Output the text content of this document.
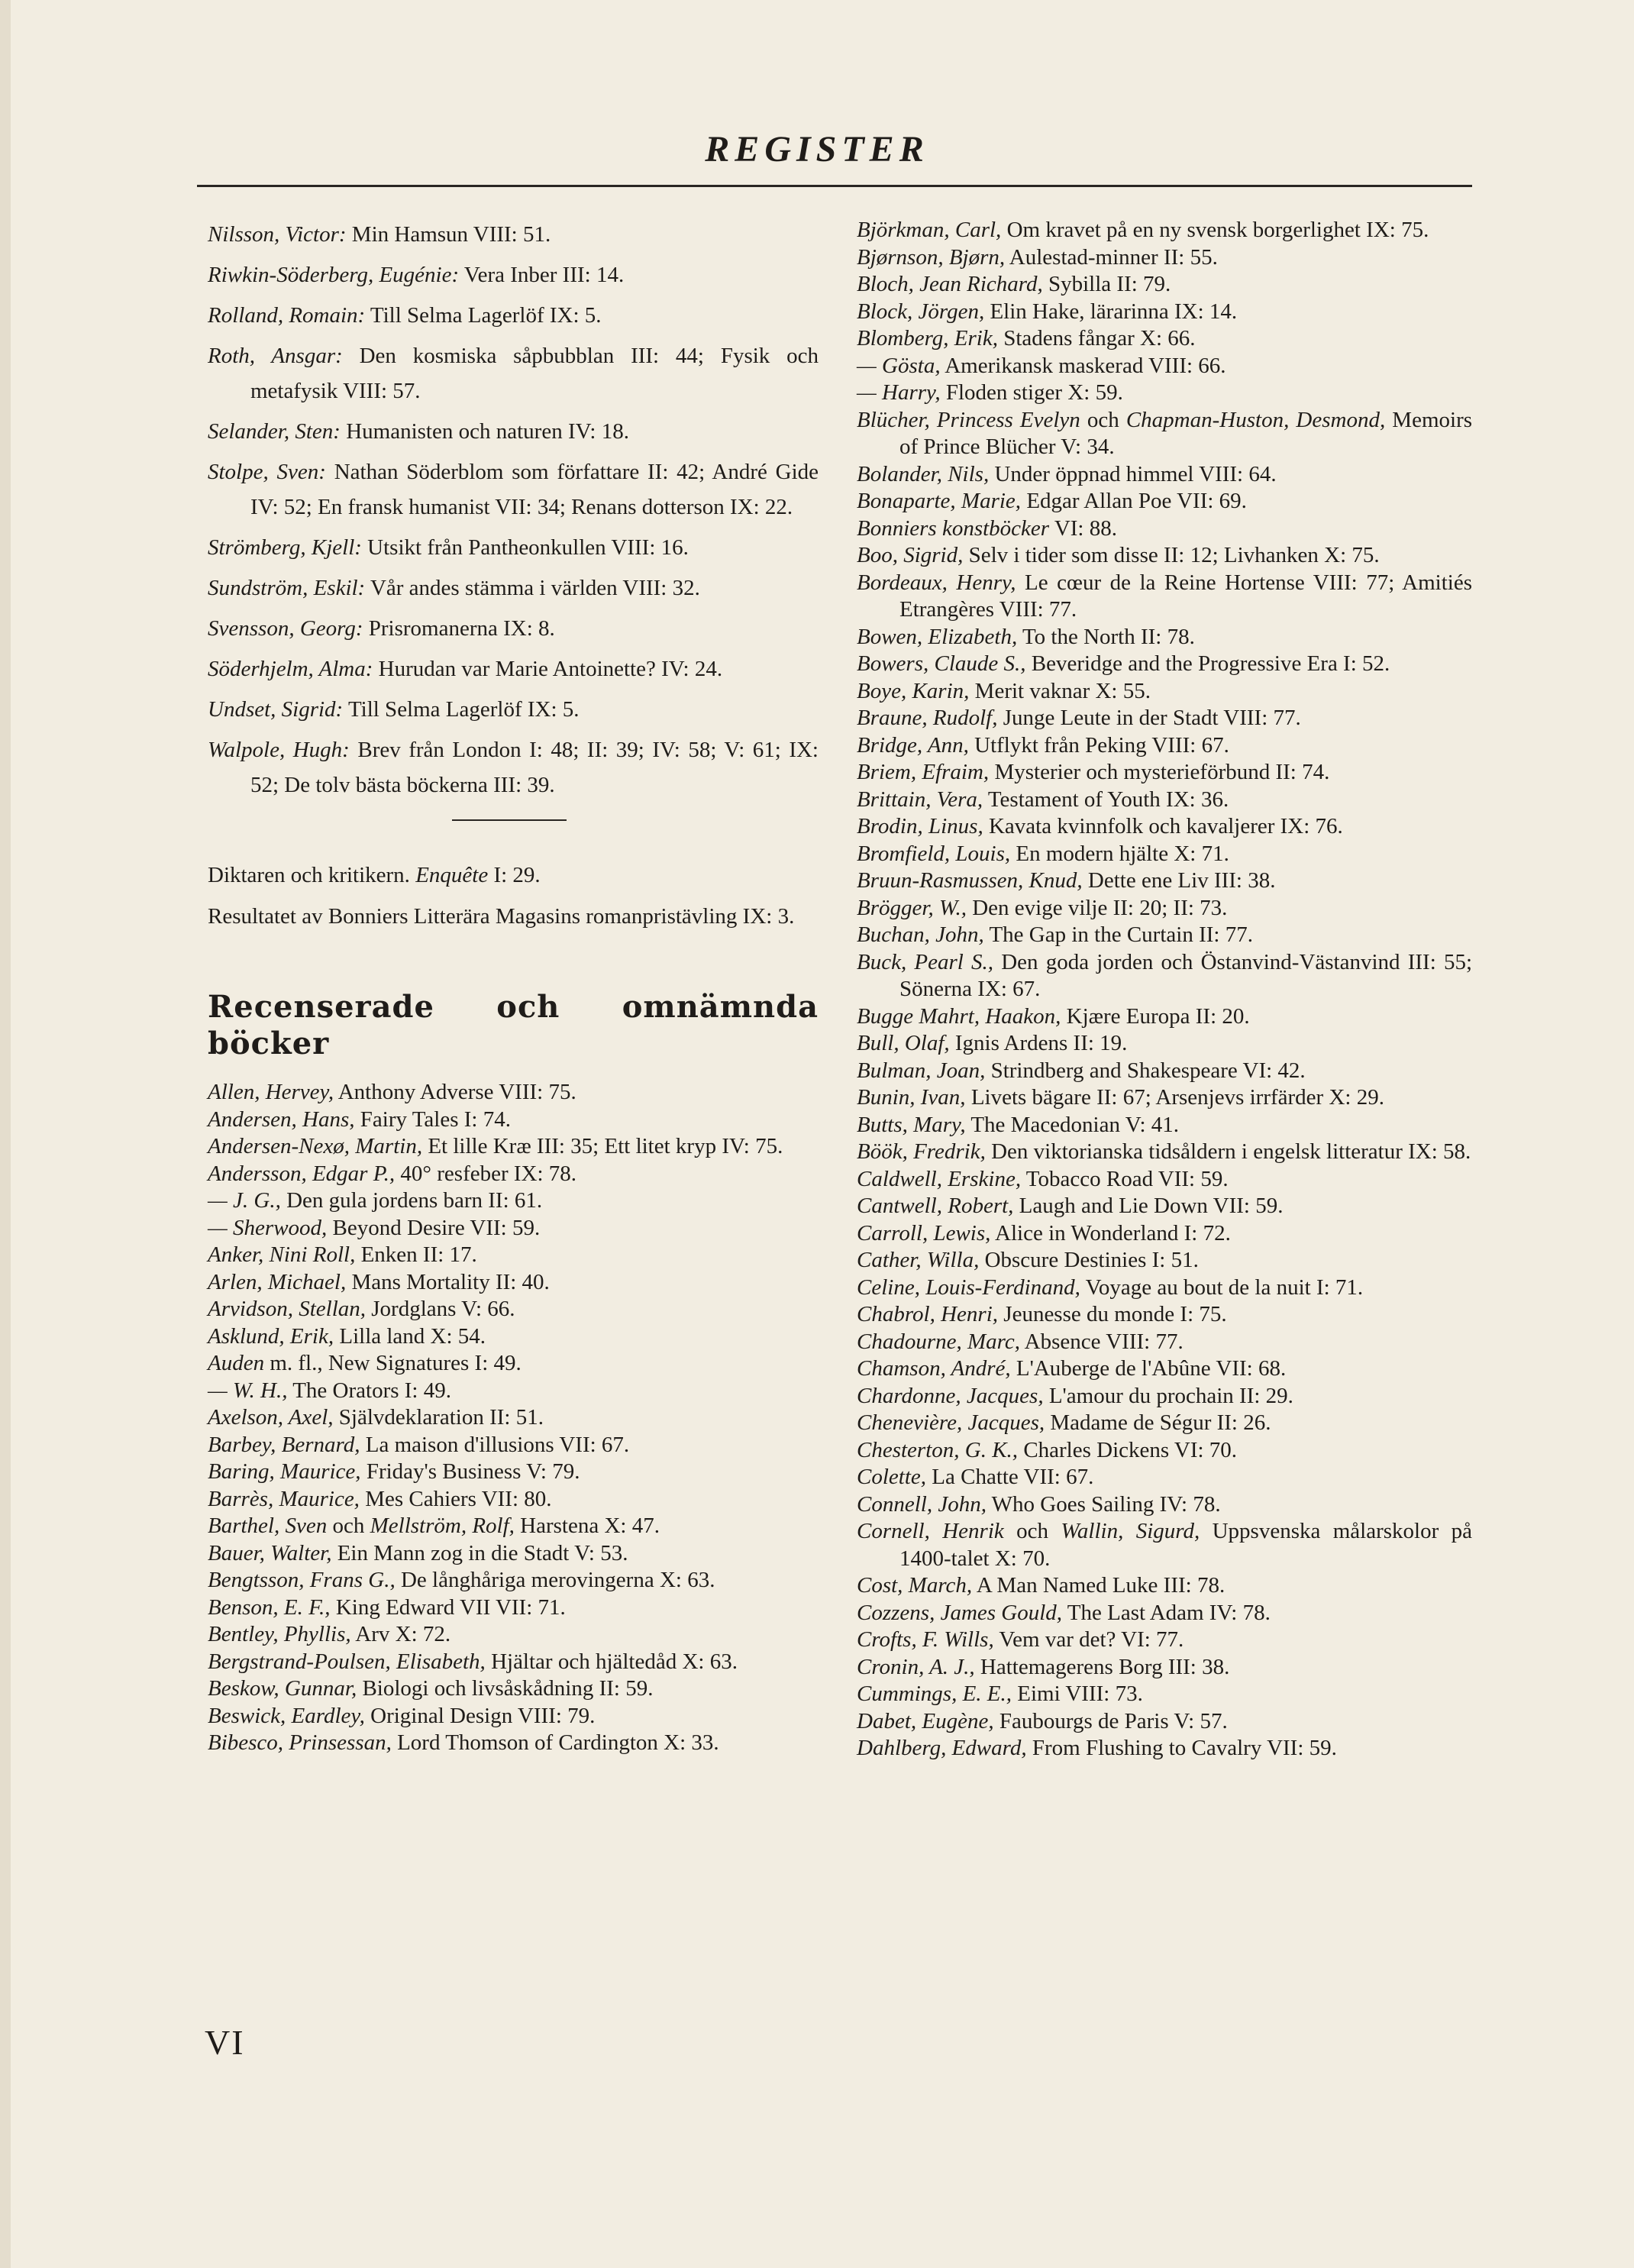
REGISTER

Nilsson, Victor: Min Hamsun VIII: 51.

Riwkin-Söderberg, Eugénie: Vera Inber III: 14.

Rolland, Romain: Till Selma Lagerlöf IX: 5.

Roth, Ansgar: Den kosmiska såpbubblan III: 44; Fysik och metafysik VIII: 57.

Selander, Sten: Humanisten och naturen IV: 18.

Stolpe, Sven: Nathan Söderblom som författare II: 42; André Gide IV: 52; En fransk humanist VII: 34; Renans dotterson IX: 22.

Strömberg, Kjell: Utsikt från Pantheonkullen VIII: 16.

Sundström, Eskil: Vår andes stämma i världen VIII: 32.

Svensson, Georg: Prisromanerna IX: 8.

Söderhjelm, Alma: Hurudan var Marie Antoinette? IV: 24.

Undset, Sigrid: Till Selma Lagerlöf IX: 5.

Walpole, Hugh: Brev från London I: 48; II: 39; IV: 58; V: 61; IX: 52; De tolv bästa böckerna III: 39.

Diktaren och kritikern. Enquête I: 29.

Resultatet av Bonniers Litterära Magasins romanpristävling IX: 3.

Recenserade och omnämnda böcker

Allen, Hervey, Anthony Adverse VIII: 75.

Andersen, Hans, Fairy Tales I: 74.

Andersen-Nexø, Martin, Et lille Kræ III: 35; Ett litet kryp IV: 75.

Andersson, Edgar P., 40° resfeber IX: 78.

— J. G., Den gula jordens barn II: 61.

— Sherwood, Beyond Desire VII: 59.

Anker, Nini Roll, Enken II: 17.

Arlen, Michael, Mans Mortality II: 40.

Arvidson, Stellan, Jordglans V: 66.

Asklund, Erik, Lilla land X: 54.

Auden m. fl., New Signatures I: 49.

— W. H., The Orators I: 49.

Axelson, Axel, Självdeklaration II: 51.

Barbey, Bernard, La maison d'illusions VII: 67.

Baring, Maurice, Friday's Business V: 79.

Barrès, Maurice, Mes Cahiers VII: 80.

Barthel, Sven och Mellström, Rolf, Harstena X: 47.

Bauer, Walter, Ein Mann zog in die Stadt V: 53.

Bengtsson, Frans G., De långhåriga merovingerna X: 63.

Benson, E. F., King Edward VII VII: 71.

Bentley, Phyllis, Arv X: 72.

Bergstrand-Poulsen, Elisabeth, Hjältar och hjältedåd X: 63.

Beskow, Gunnar, Biologi och livsåskådning II: 59.

Beswick, Eardley, Original Design VIII: 79.

Bibesco, Prinsessan, Lord Thomson of Cardington X: 33.

Björkman, Carl, Om kravet på en ny svensk borgerlighet IX: 75.

Bjørnson, Bjørn, Aulestad-minner II: 55.

Bloch, Jean Richard, Sybilla II: 79.

Block, Jörgen, Elin Hake, lärarinna IX: 14.

Blomberg, Erik, Stadens fångar X: 66.

— Gösta, Amerikansk maskerad VIII: 66.

— Harry, Floden stiger X: 59.

Blücher, Princess Evelyn och Chapman-Huston, Desmond, Memoirs of Prince Blücher V: 34.

Bolander, Nils, Under öppnad himmel VIII: 64.

Bonaparte, Marie, Edgar Allan Poe VII: 69.

Bonniers konstböcker VI: 88.

Boo, Sigrid, Selv i tider som disse II: 12; Livhanken X: 75.

Bordeaux, Henry, Le cœur de la Reine Hortense VIII: 77; Amitiés Etrangères VIII: 77.

Bowen, Elizabeth, To the North II: 78.

Bowers, Claude S., Beveridge and the Progressive Era I: 52.

Boye, Karin, Merit vaknar X: 55.

Braune, Rudolf, Junge Leute in der Stadt VIII: 77.

Bridge, Ann, Utflykt från Peking VIII: 67.

Briem, Efraim, Mysterier och mysterieförbund II: 74.

Brittain, Vera, Testament of Youth IX: 36.

Brodin, Linus, Kavata kvinnfolk och kavaljerer IX: 76.

Bromfield, Louis, En modern hjälte X: 71.

Bruun-Rasmussen, Knud, Dette ene Liv III: 38.

Brögger, W., Den evige vilje II: 20; II: 73.

Buchan, John, The Gap in the Curtain II: 77.

Buck, Pearl S., Den goda jorden och Östanvind-Västanvind III: 55; Sönerna IX: 67.

Bugge Mahrt, Haakon, Kjære Europa II: 20.

Bull, Olaf, Ignis Ardens II: 19.

Bulman, Joan, Strindberg and Shakespeare VI: 42.

Bunin, Ivan, Livets bägare II: 67; Arsenjevs irrfärder X: 29.

Butts, Mary, The Macedonian V: 41.

Böök, Fredrik, Den viktorianska tidsåldern i engelsk litteratur IX: 58.

Caldwell, Erskine, Tobacco Road VII: 59.

Cantwell, Robert, Laugh and Lie Down VII: 59.

Carroll, Lewis, Alice in Wonderland I: 72.

Cather, Willa, Obscure Destinies I: 51.

Celine, Louis-Ferdinand, Voyage au bout de la nuit I: 71.

Chabrol, Henri, Jeunesse du monde I: 75.

Chadourne, Marc, Absence VIII: 77.

Chamson, André, L'Auberge de l'Abûne VII: 68.

Chardonne, Jacques, L'amour du prochain II: 29.

Chenevière, Jacques, Madame de Ségur II: 26.

Chesterton, G. K., Charles Dickens VI: 70.

Colette, La Chatte VII: 67.

Connell, John, Who Goes Sailing IV: 78.

Cornell, Henrik och Wallin, Sigurd, Uppsvenska målarskolor på 1400-talet X: 70.

Cost, March, A Man Named Luke III: 78.

Cozzens, James Gould, The Last Adam IV: 78.

Crofts, F. Wills, Vem var det? VI: 77.

Cronin, A. J., Hattemagerens Borg III: 38.

Cummings, E. E., Eimi VIII: 73.

Dabet, Eugène, Faubourgs de Paris V: 57.

Dahlberg, Edward, From Flushing to Cavalry VII: 59.

VI
